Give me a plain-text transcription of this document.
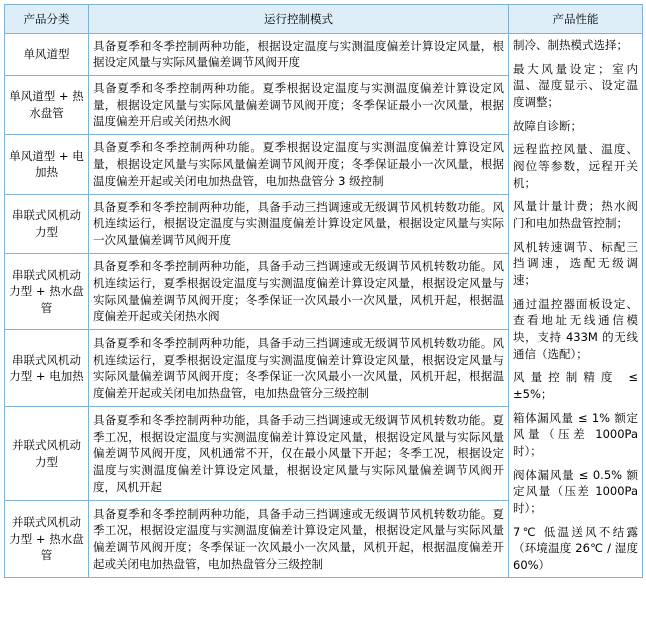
产品分类	运行控制模式	产品性能
单风道型	具备夏季和冬季控制两种功能，根据设定温度与实测温度偏差计算设定风量，根据设定风量与实际风量偏差调节风阀开度	

制冷、制热模式选择；

最大风量设定；室内温、湿度显示、设定温度调整；

故障自诊断；

远程监控风量、温度、阀位等参数，远程开关机；

风量计量计费；热水阀门和电加热盘管控制；

风机转速调节、标配三挡调速，选配无级调速；

通过温控器面板设定、查看地址无线通信模块，支持 433M 的无线通信（选配）；

风量控制精度 ≤ ±5%；

箱体漏风量 ≤ 1% 额定风量（压差 1000Pa 时）；

阀体漏风量 ≤ 0.5% 额定风量（压差 1000Pa 时）；

7℃ 低温送风不结露（环境温度 26℃ / 湿度 60%）

单风道型 + 热水盘管	具备夏季和冬季控制两种功能。夏季根据设定温度与实测温度偏差计算设定风量，根据设定风量与实际风量偏差调节风阀开度；冬季保证最小一次风量，根据温度偏差开启或关闭热水阀	
单风道型 + 电加热	具备夏季和冬季控制两种功能。夏季根据设定温度与实测温度偏差计算设定风量，根据设定风量与实际风量偏差调节风阀开度；冬季保证最小一次风量，根据温度偏差开起或关闭电加热盘管，电加热盘管分 3 级控制	
串联式风机动力型	具备夏季和冬季控制两种功能，具备手动三挡调速或无级调节风机转数功能。风机连续运行，根据设定温度与实测温度偏差计算设定风量，根据设定风量与实际一次风量偏差调节风阀开度	
串联式风机动力型 + 热水盘管	具备夏季和冬季控制两种功能，具备手动三挡调速或无级调节风机转数功能。风机连续运行，夏季根据设定温度与实测温度偏差计算设定风量，根据设定风量与实际风量偏差调节风阀开度；冬季保证一次风最小一次风量，风机开起，根据温度偏差开起或关闭热水阀	
串联式风机动力型 + 电加热	具备夏季和冬季控制两种功能，具备手动三挡调速或无级调节风机转数功能。风机连续运行，夏季根据设定温度与实测温度偏差计算设定风量，根据设定风量与实际风量偏差调节风阀开度；冬季保证一次风最小一次风量，风机开起，根据温度偏差开起或关闭电加热盘管，电加热盘管分三级控制	
并联式风机动力型	具备夏季和冬季控制两种功能，具备手动三挡调速或无级调节风机转数功能。夏季工况，根据设定温度与实测温度偏差计算设定风量，根据设定风量与实际风量偏差调节风阀开度，风机通常不开，仅在最小风量下开起；冬季工况，根据设定温度与实测温度偏差计算设定风量，根据设定风量与实际风量偏差调节风阀开度，风机开起	
并联式风机动力型 + 热水盘管	具备夏季和冬季控制两种功能，具备手动三挡调速或无级调节风机转数功能。夏季工况，根据设定温度与实测温度偏差计算设定风量，根据设定风量与实际风量偏差调节风阀开度；冬季保证一次风最小一次风量，风机开起，根据温度偏差开起或关闭电加热盘管，电加热盘管分三级控制	
